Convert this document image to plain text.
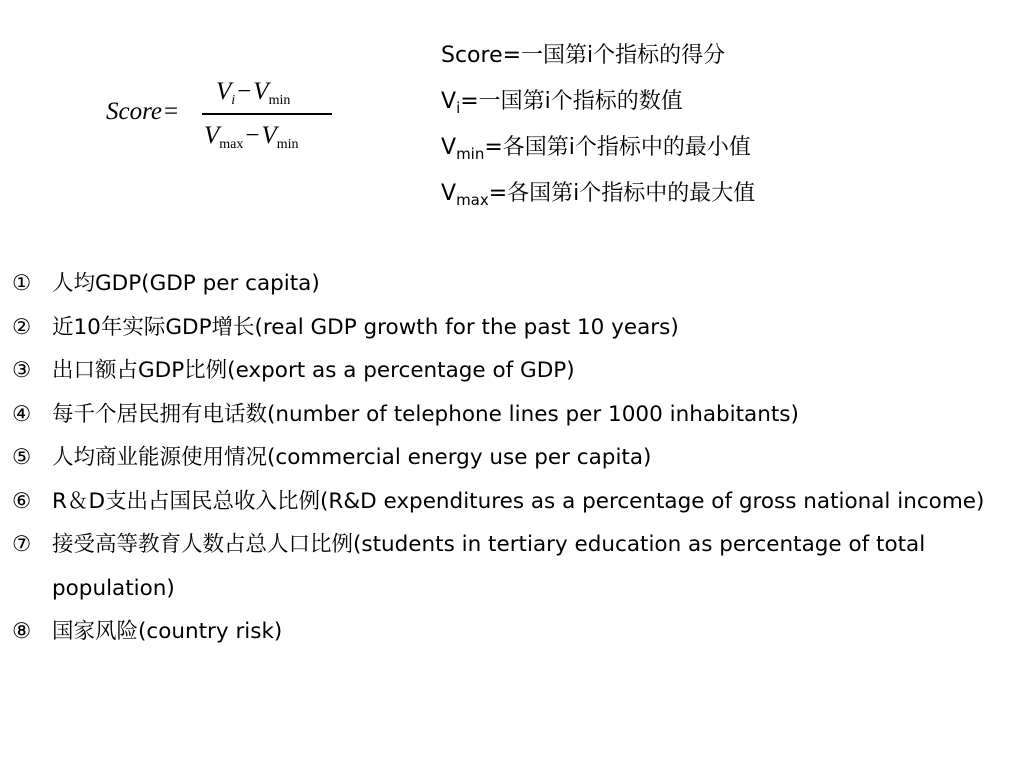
Score=
$V_i-V_{min}$
$V_{max}-V_{min}$
Score=一国第i个指标的得分
$V_i=$一国第i个指标的数值
$V_{min}=$各国第i个指标中的最小值
$V_{max}=$各国第i个指标中的最大值
① 人均GDP(GDP per capita)
② 近10年实际GDP增长(real GDP growth for the past 10 years)
③ 出口额占GDP比例(export as a percentage of GDP)
④ 每千个居民拥有电话数(number of telephone lines per 1000 inhabitants)
⑤ 人均商业能源使用情况(commercial energy use per capita)
⑥ R＆D支出占国民总收入比例(R&D expenditures as a percentage of gross national income)
⑦ 接受高等教育人数占总人口比例(students in tertiary education as percentage of total population)
⑧ 国家风险(country risk)
